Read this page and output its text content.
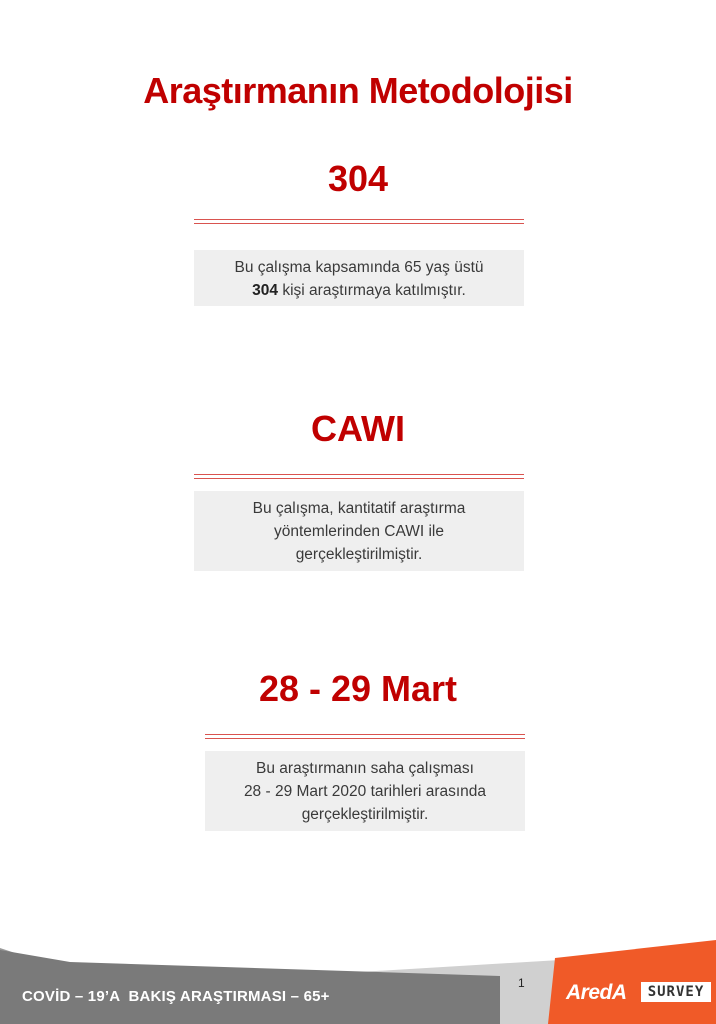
Araştırmanın Metodolojisi
304
Bu çalışma kapsamında 65 yaş üstü
304 kişi araştırmaya katılmıştır.
CAWI
Bu çalışma, kantitatif araştırma
yöntemlerinden CAWI ile
gerçekleştirilmiştir.
28 - 29 Mart
Bu araştırmanın saha çalışması
28 - 29 Mart 2020 tarihleri arasında
gerçekleştirilmiştir.
COVİD – 19’A  BAKIŞ ARAŞTIRMASI – 65+
1 AredA	SURVEY
